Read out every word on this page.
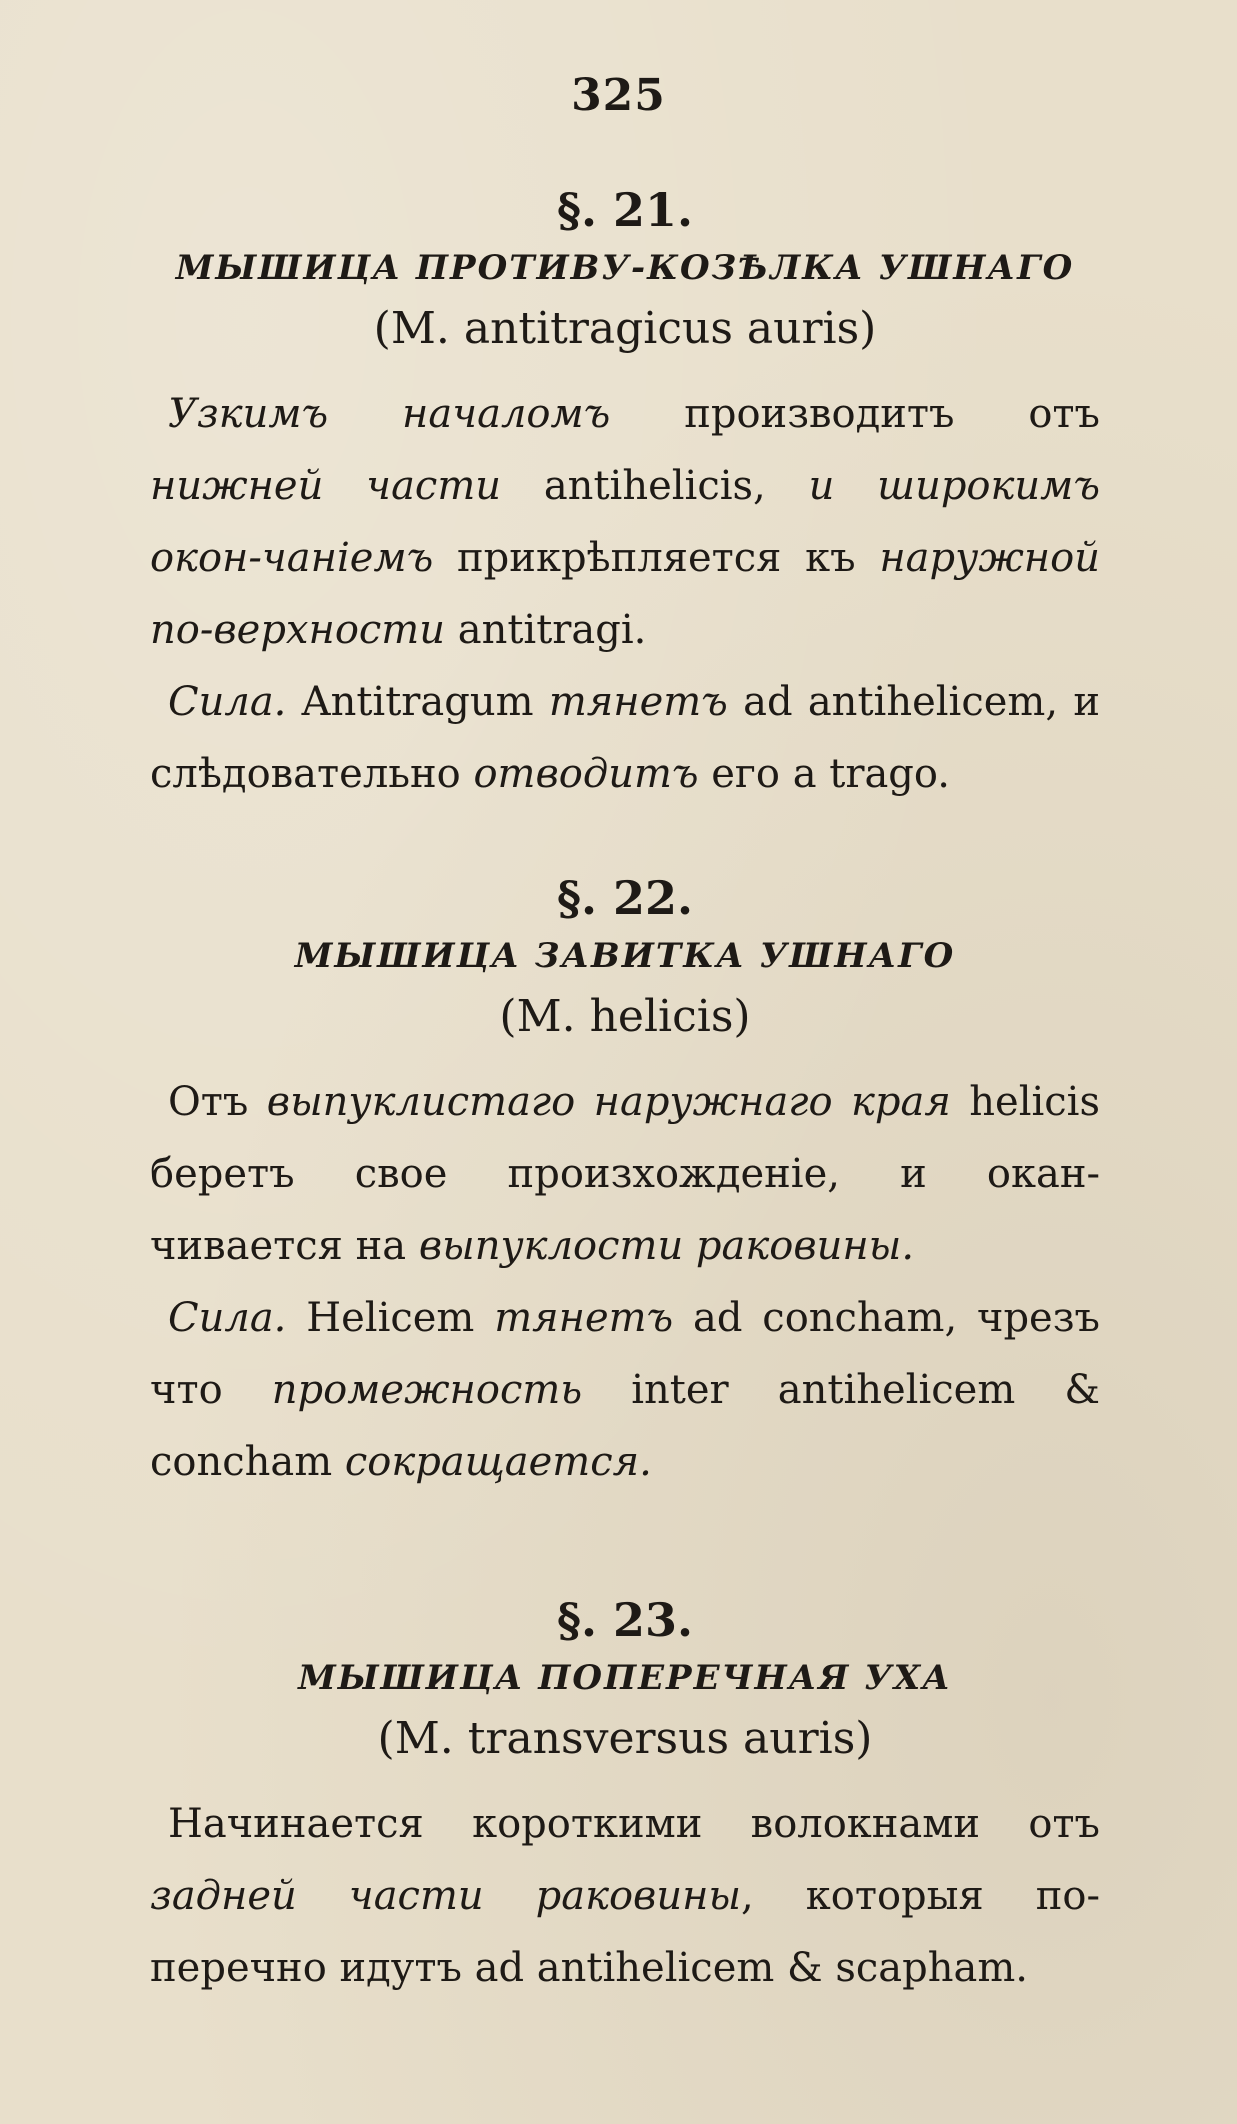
325

§. 21.

МЫШИЦА ПРОТИВУ-КОЗѢЛКА УШНАГО

(M. antitragicus auris)

Узкимъ началомъ производитъ отъ нижней части antihelicis, и широкимъ окон-чаніемъ прикрѣпляется къ наружной по-верхности antitragi.

Сила. Antitragum тянетъ ad antihelicem, и слѣдовательно отводитъ его a trago.

§. 22.

МЫШИЦА ЗАВИТКА УШНАГО

(M. helicis)

Отъ выпуклистаго наружнаго края helicis беретъ свое произхожденіе, и окан-чивается на выпуклости раковины.

Сила. Helicem тянетъ ad concham, чрезъ что промежность inter antihelicem & concham сокращается.

§. 23.

МЫШИЦА ПОПЕРЕЧНАЯ УХА

(M. transversus auris)

Начинается короткими волокнами отъ задней части раковины, которыя по-перечно идутъ ad antihelicem & scapham.
